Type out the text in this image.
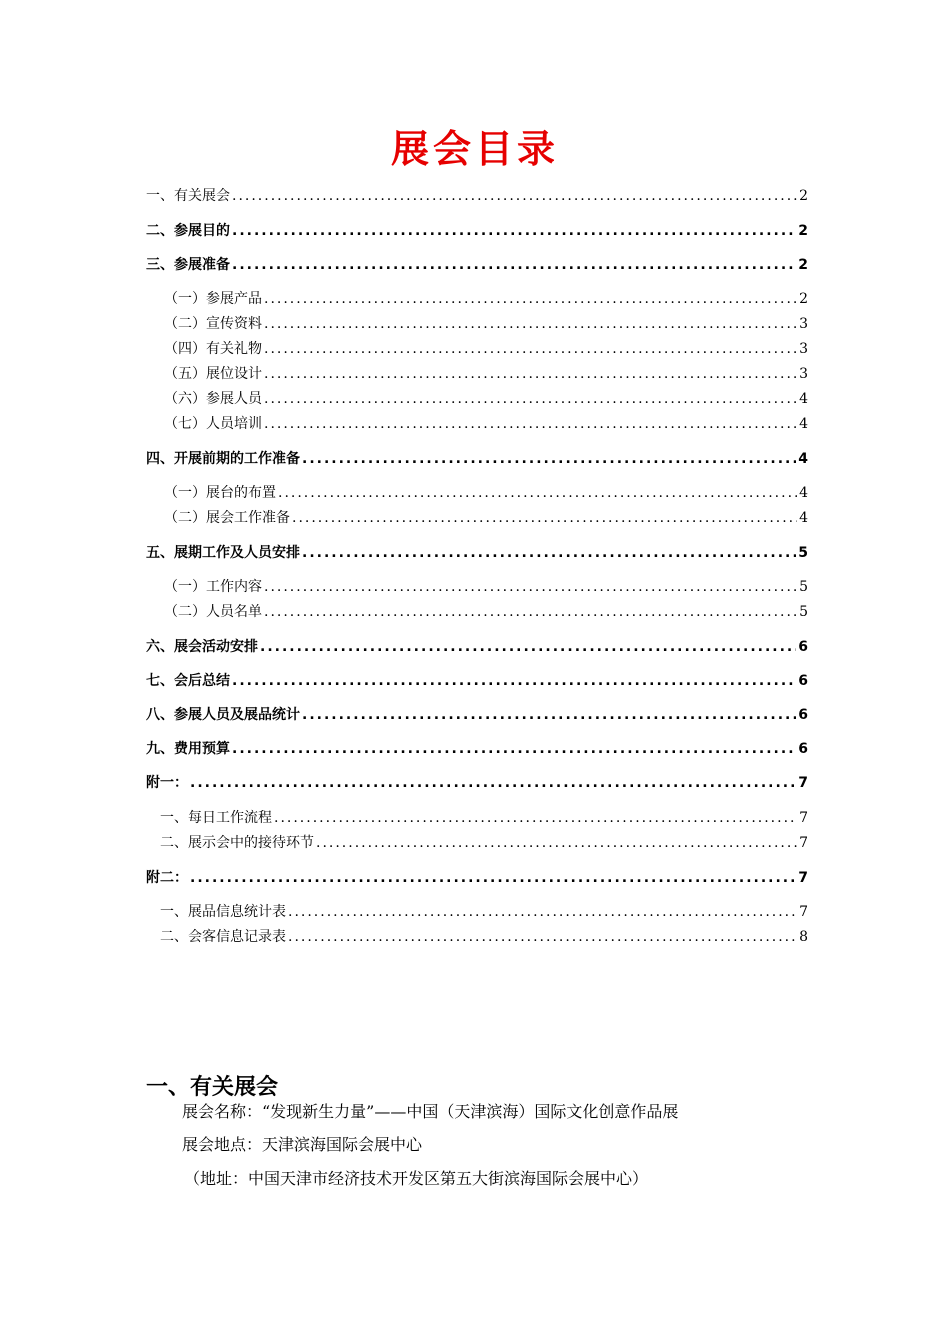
展会目录
一、有关展会 .....	2
二、参展目的 .....	2
三、参展准备 .....	2
（一）参展产品 .....	2
（二）宣传资料 .....	3
（四）有关礼物 .....	3
（五）展位设计 .....	3
（六）参展人员 .....	4
（七）人员培训 .....	4
四、开展前期的工作准备 .....	4
（一）展台的布置 .....	4
（二）展会工作准备 .....	4
五、展期工作及人员安排 .....	5
（一）工作内容 .....	5
（二）人员名单 .....	5
六、展会活动安排 .....	6
七、会后总结 .....	6
八、参展人员及展品统计 .....	6
九、费用预算 .....	6
附一： .....	7
一、每日工作流程 .....	7
二、展示会中的接待环节 .....	7
附二： .....	7
一、展品信息统计表 .....	7
二、会客信息记录表 .....	8
一、有关展会
展会名称：“发现新生力量”——中国（天津滨海）国际文化创意作品展
展会地点：天津滨海国际会展中心
（地址：中国天津市经济技术开发区第五大街滨海国际会展中心）
